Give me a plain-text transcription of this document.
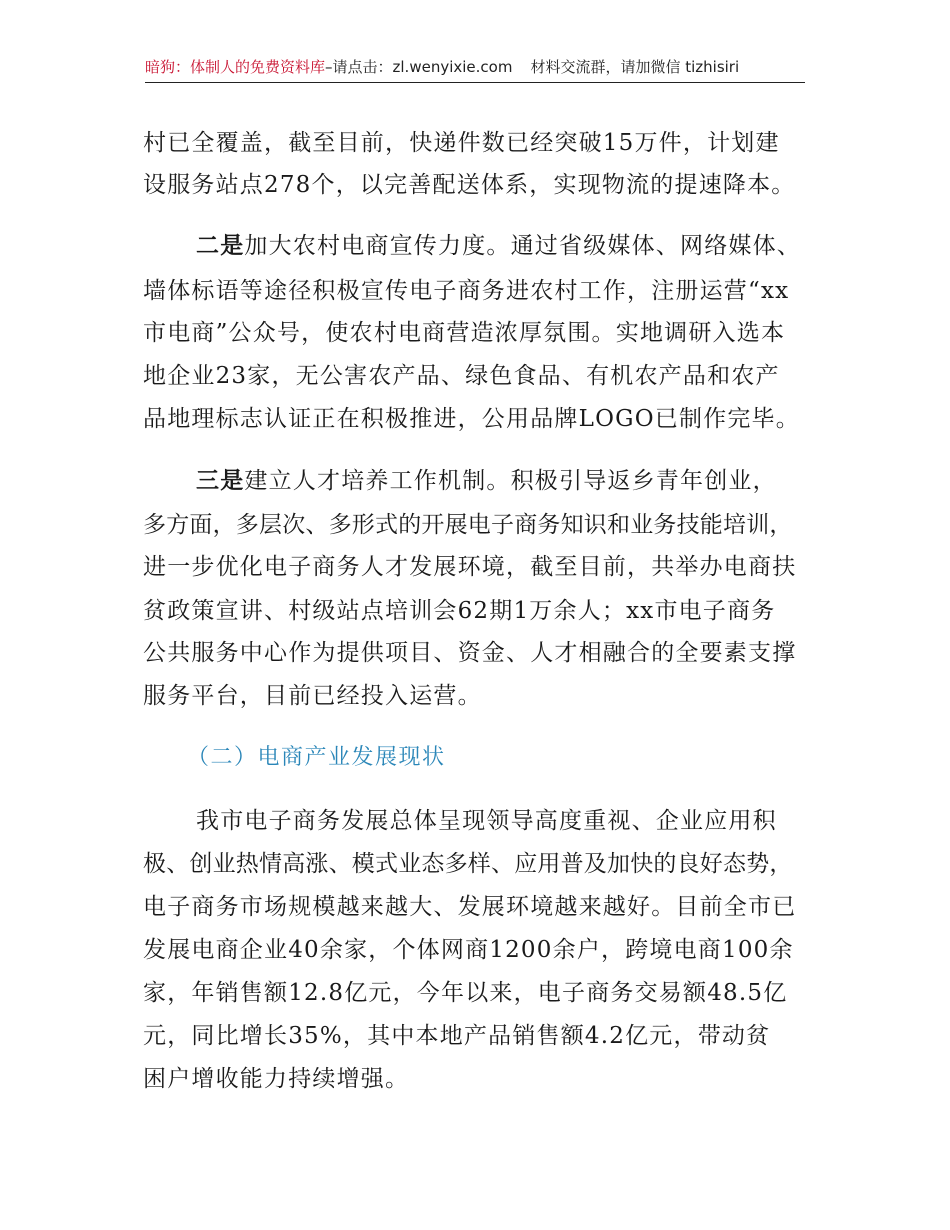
暗狗：体制人的免费资料库–请点击：zl.wenyixie.com 材料交流群，请加微信 tizhisiri
村已全覆盖，截至目前，快递件数已经突破15万件，计划建
设服务站点278个，以完善配送体系，实现物流的提速降本。
二是加大农村电商宣传力度。通过省级媒体、网络媒体、
墙体标语等途径积极宣传电子商务进农村工作，注册运营“xx
市电商”公众号，使农村电商营造浓厚氛围。实地调研入选本
地企业23家，无公害农产品、绿色食品、有机农产品和农产
品地理标志认证正在积极推进，公用品牌LOGO已制作完毕。
三是建立人才培养工作机制。积极引导返乡青年创业，
多方面，多层次、多形式的开展电子商务知识和业务技能培训，
进一步优化电子商务人才发展环境，截至目前，共举办电商扶
贫政策宣讲、村级站点培训会62期1万余人；xx市电子商务
公共服务中心作为提供项目、资金、人才相融合的全要素支撑
服务平台，目前已经投入运营。
（二）电商产业发展现状
我市电子商务发展总体呈现领导高度重视、企业应用积
极、创业热情高涨、模式业态多样、应用普及加快的良好态势，
电子商务市场规模越来越大、发展环境越来越好。目前全市已
发展电商企业40余家，个体网商1200余户，跨境电商100余
家，年销售额12.8亿元，今年以来，电子商务交易额48.5亿
元，同比增长35%，其中本地产品销售额4.2亿元，带动贫
困户增收能力持续增强。
